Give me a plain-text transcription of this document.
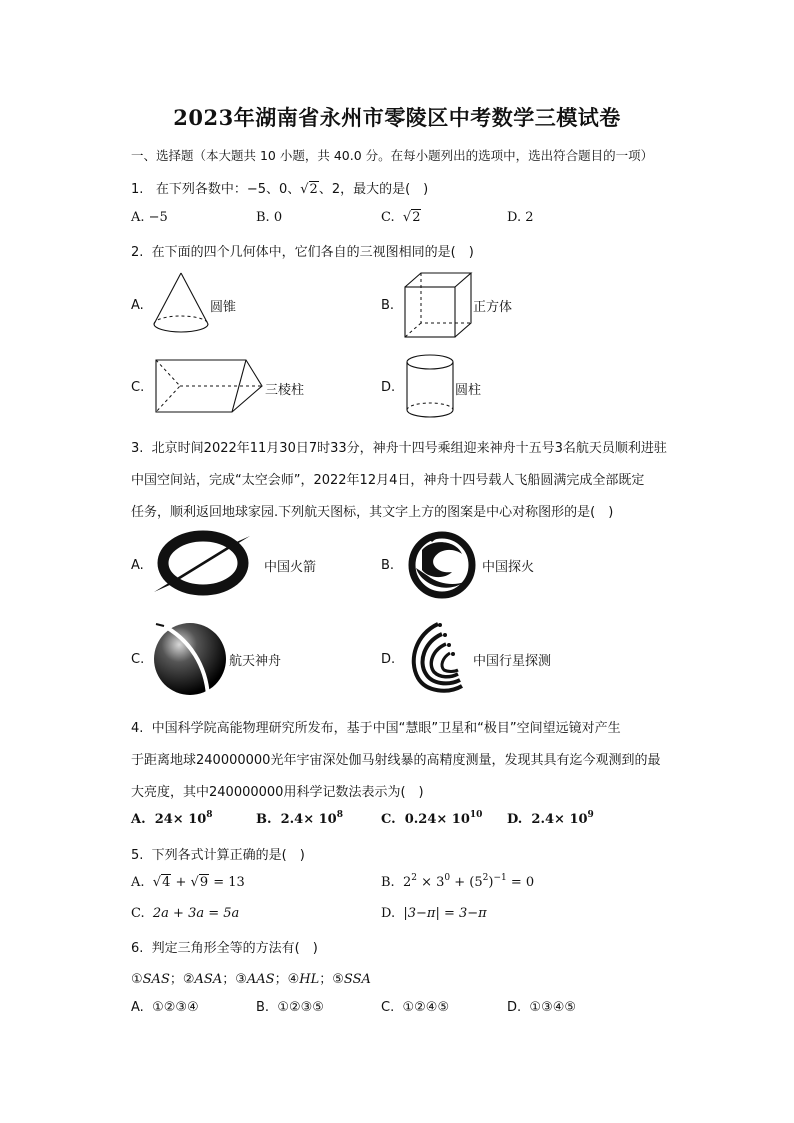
2023年湖南省永州市零陵区中考数学三模试卷
一、选择题（本大题共 10 小题，共 40.0 分。在每小题列出的选项中，选出符合题目的一项）
1. 在下列各数中：−5、0、√2、2，最大的是(　)
A. −5	B. 0	C. √2	D. 2
2. 在下面的四个几何体中，它们各自的三视图相同的是(　)
A.	圆锥	B.	正方体
C.	三棱柱	D.	圆柱
3. 北京时间2022年11月30日7时33分，神舟十四号乘组迎来神舟十五号3名航天员顺利进驻
中国空间站，完成“太空会师”，2022年12月4日，神舟十四号载人飞船圆满完成全部既定
任务，顺利返回地球家园.下列航天图标，其文字上方的图案是中心对称图形的是(　)
A.	中国火箭	B.	中国探火
C.	航天神舟	D.	中国行星探测
4. 中国科学院高能物理研究所发布，基于中国“慧眼”卫星和“极目”空间望远镜对产生
于距离地球240000000光年宇宙深处伽马射线暴的高精度测量，发现其具有迄今观测到的最
大亮度，其中240000000用科学记数法表示为(　)
A. $24\times 10^8$	B. $2.4\times 10^8$	C. $0.24\times 10^{10}$ D. $2.4\times 10^9$
5. 下列各式计算正确的是(　)
A. √4 + √9 = 13	B. $2^2 \times 3^0 + (5^2)^{-1} = 0$
C. 2a + 3a = 5a	D. |3−π| = 3−π
6. 判定三角形全等的方法有(　)
①SAS；②ASA；③AAS；④HL；⑤SSA
A. ①②③④	B. ①②③⑤	C. ①②④⑤	D. ①③④⑤
